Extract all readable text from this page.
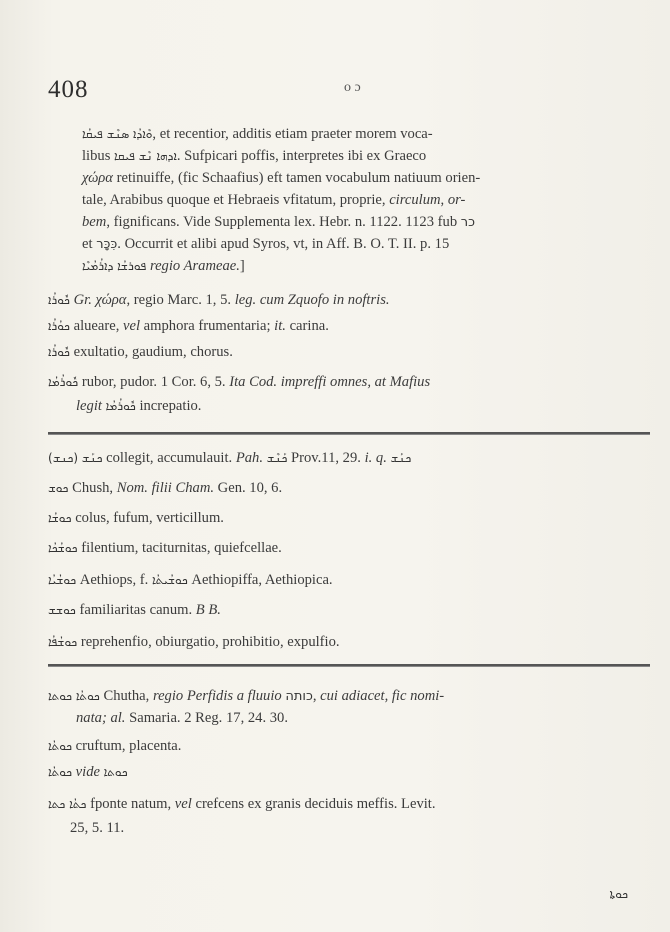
408	ο ɔ
ܘܶܐܕܳܐ ܣܢܶܫ ܦܝܩܳܐ, et recentior, additis etiam praeter morem voca-
libus ܐܕܗܐ ܢܶܫ ܦܝܩܐ. Sufpicari poffis, interpretes ibi ex Graeco
χώρα retinuiffe, (fic Schaafius) eft tamen vocabulum natiuum orien-
tale, Arabibus quoque et Hebraeis vfitatum, proprie, circulum, or-
bem, fignificans. Vide Supplementa lex. Hebr. n. 1122. 1123 fub כר
et כִּכָּר. Occurrit et alibi apud Syros, vt, in Aff. B. O. T. II. p. 15
ܦܘܪܫܳܐ ܕܐܪܳܡܳܝܶܐ regio Arameae.]
ܟܽܘܪܳܐ Gr. χώρα, regio Marc. 1, 5. leg. cum Zquofo in noftris.
ܟܘܳܪܳܐ alueare, vel amphora frumentaria; it. carina.
ܟܽܘܪܳܐ exultatio, gaudium, chorus.
ܟܽܘܪܳܡܳܐ rubor, pudor. 1 Cor. 6, 5. Ita Cod. impreffi omnes, at Mafius
legit ܟܽܘܪܳܡܳܐ increpatio.
(ܟܢܫ) ܟܢܰܫ collegit, accumulauit. Pah. ܟܰܢܶܫ Prov.11, 29. i. q. ܟܢܰܫ
ܟܘܫ Chush, Nom. filii Cham. Gen. 10, 6.
ܟܘܫܳܐ colus, fufum, verticillum.
ܟܘܫܳܟܳܐ filentium, taciturnitas, quiefcellae.
ܟܘܫܳܝܳܐ Aethiops, f. ܟܘܫܳܝܬܳܐ Aethiopiffa, Aethiopica.
ܟܘܫܫ familiaritas canum. B B.
ܟܘܫܳܦܳܐ reprehenfio, obiurgatio, prohibitio, expulfio.
ܟܘܬܳܐ ܟܘܬܐ Chutha, regio Perfidis a fluuio כותה, cui adiacet, fic nomi-
nata; al. Samaria. 2 Reg. 17, 24. 30.
ܟܘܬܳܐ cruftum, placenta.
ܟܘܬܳܐ vide ܟܘܬܐ
ܟܬܳܐ ܟܬܐ fponte natum, vel crefcens ex granis deciduis meffis. Levit.
25, 5. 11.
ܟܘܬܐ
